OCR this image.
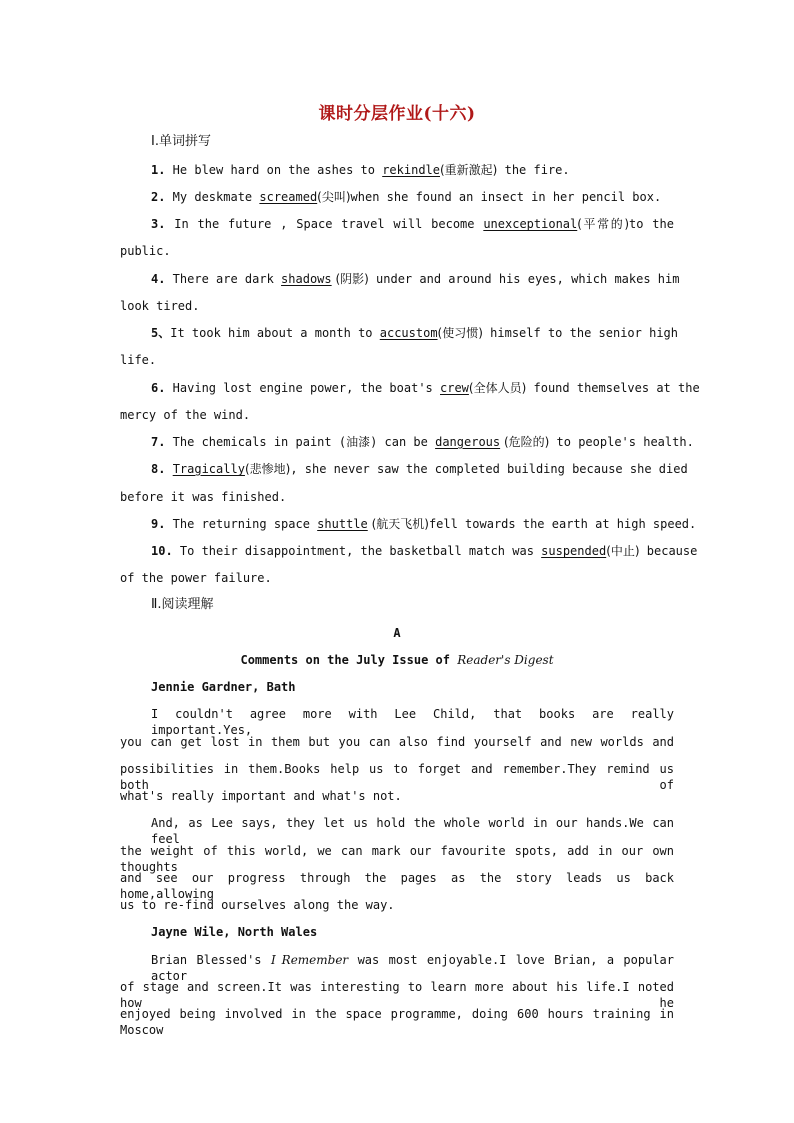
课时分层作业(十六)
Ⅰ.单词拼写
1. He blew hard on the ashes to rekindle(重新激起) the fire.
2. My deskmate screamed(尖叫)when she found an insect in her pencil box.
3. In the future , Space travel will become unexceptional(平常的)to the
public.
4. There are dark shadows (阴影) under and around his eyes, which makes him
look tired.
5、It took him about a month to accustom(使习惯) himself to the senior high
life.
6. Having lost engine power, the boat's crew(全体人员) found themselves at the
mercy of the wind.
7. The chemicals in paint (油漆) can be dangerous (危险的) to people's health.
8. Tragically(悲惨地), she never saw the completed building because she died
before it was finished.
9. The returning space shuttle (航天飞机)fell towards the earth at high speed.
10. To their disappointment, the basketball match was suspended(中止) because
of the power failure.
Ⅱ.阅读理解
A
Comments on the July Issue of Reader's Digest
Jennie Gardner, Bath
I couldn't agree more with Lee Child, that books are really important.Yes,
you can get lost in them but you can also find yourself and new worlds and
possibilities in them.Books help us to forget and remember.They remind us both of
what's really important and what's not.
And, as Lee says, they let us hold the whole world in our hands.We can feel
the weight of this world, we can mark our favourite spots, add in our own thoughts
and see our progress through the pages as the story leads us back home,allowing
us to re-find ourselves along the way.
Jayne Wile, North Wales
Brian Blessed's I Remember was most enjoyable.I love Brian, a popular actor
of stage and screen.It was interesting to learn more about his life.I noted how he
enjoyed being involved in the space programme, doing 600 hours training in Moscow
